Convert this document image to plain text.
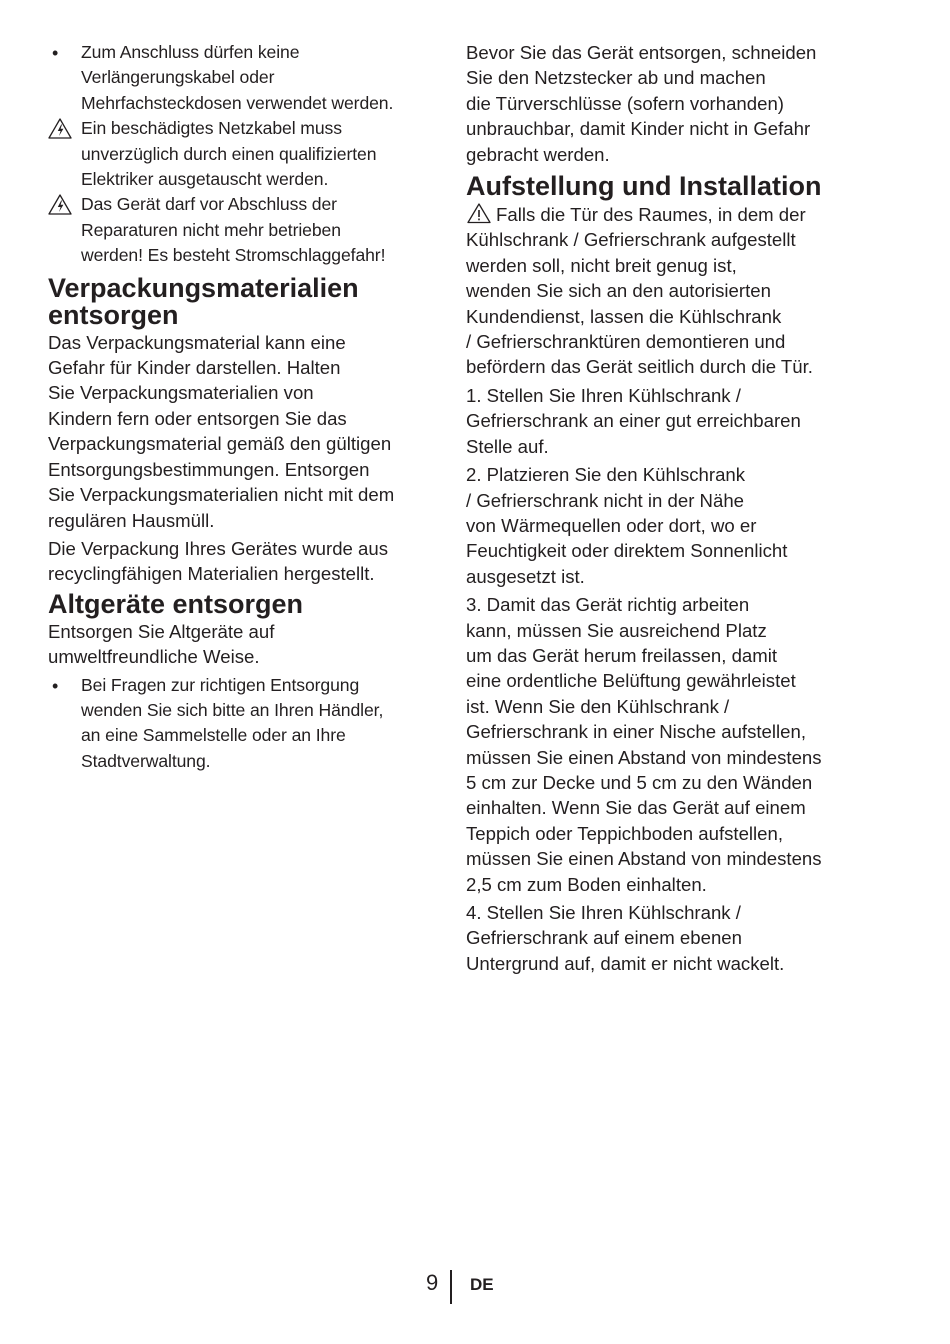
• Zum Anschluss dürfen keine
Verlängerungskabel oder
Mehrfachsteckdosen verwendet werden.
Ein beschädigtes Netzkabel muss
unverzüglich durch einen qualifizierten
Elektriker ausgetauscht werden.
Das Gerät darf vor Abschluss der
Reparaturen nicht mehr betrieben
werden! Es besteht Stromschlaggefahr!
Verpackungsmaterialien
entsorgen

Das Verpackungsmaterial kann eine
Gefahr für Kinder darstellen. Halten
Sie Verpackungsmaterialien von
Kindern fern oder entsorgen Sie das
Verpackungsmaterial gemäß den gültigen
Entsorgungsbestimmungen. Entsorgen
Sie Verpackungsmaterialien nicht mit dem
regulären Hausmüll.

Die Verpackung Ihres Gerätes wurde aus
recyclingfähigen Materialien hergestellt.

Altgeräte entsorgen

Entsorgen Sie Altgeräte auf
umweltfreundliche Weise.

• Bei Fragen zur richtigen Entsorgung
wenden Sie sich bitte an Ihren Händler,
an eine Sammelstelle oder an Ihre
Stadtverwaltung.

Bevor Sie das Gerät entsorgen, schneiden
Sie den Netzstecker ab und machen
die Türverschlüsse (sofern vorhanden)
unbrauchbar, damit Kinder nicht in Gefahr
gebracht werden.

Aufstellung und Installation

Falls die Tür des Raumes, in dem der
Kühlschrank / Gefrierschrank aufgestellt
werden soll, nicht breit genug ist,
wenden Sie sich an den autorisierten
Kundendienst, lassen die Kühlschrank
/ Gefrierschranktüren demontieren und
befördern das Gerät seitlich durch die Tür.

1. Stellen Sie Ihren Kühlschrank /
Gefrierschrank an einer gut erreichbaren
Stelle auf.

2. Platzieren Sie den Kühlschrank
/ Gefrierschrank nicht in der Nähe
von Wärmequellen oder dort, wo er
Feuchtigkeit oder direktem Sonnenlicht
ausgesetzt ist.

3. Damit das Gerät richtig arbeiten
kann, müssen Sie ausreichend Platz
um das Gerät herum freilassen, damit
eine ordentliche Belüftung gewährleistet
ist. Wenn Sie den Kühlschrank /
Gefrierschrank in einer Nische aufstellen,
müssen Sie einen Abstand von mindestens
5 cm zur Decke und 5 cm zu den Wänden
einhalten. Wenn Sie das Gerät auf einem
Teppich oder Teppichboden aufstellen,
müssen Sie einen Abstand von mindestens
2,5 cm zum Boden einhalten.

4. Stellen Sie Ihren Kühlschrank /
Gefrierschrank auf einem ebenen
Untergrund auf, damit er nicht wackelt.

9 DE
